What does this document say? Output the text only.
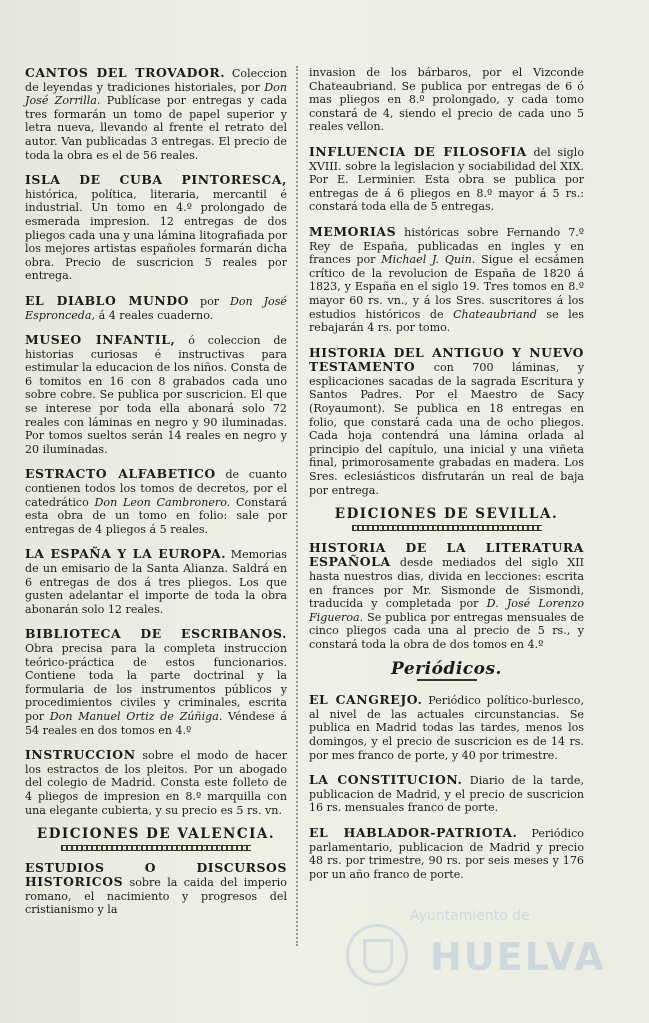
CANTOS DEL TROVADOR. Coleccion de leyendas y tradiciones historiales, por Don José Zorrilla. Publícase por entregas y cada tres formarán un tomo de papel superior y letra nueva, llevando al frente el retrato del autor. Van publicadas 3 entregas. El precio de toda la obra es el de 56 reales.

ISLA DE CUBA PINTORESCA, histórica, política, literaria, mercantil é industrial. Un tomo en 4.º prolongado de esmerada impresion. 12 entregas de dos pliegos cada una y una lámina litografiada por los mejores artistas españoles formarán dicha obra. Precio de suscricion 5 reales por entrega.

EL DIABLO MUNDO por Don José Espronceda, á 4 reales cuaderno.

MUSEO INFANTIL, ó coleccion de historias curiosas é instructivas para estimular la educacion de los niños. Consta de 6 tomitos en 16 con 8 grabados cada uno sobre cobre. Se publica por suscricion. El que se interese por toda ella abonará solo 72 reales con láminas en negro y 90 iluminadas. Por tomos sueltos serán 14 reales en negro y 20 iluminadas.

ESTRACTO ALFABETICO de cuanto contienen todos los tomos de decretos, por el catedrático Don Leon Cambronero. Constará esta obra de un tomo en folio: sale por entregas de 4 pliegos á 5 reales.

LA ESPAÑA Y LA EUROPA. Memorias de un emisario de la Santa Alianza. Saldrá en 6 entregas de dos á tres pliegos. Los que gusten adelantar el importe de toda la obra abonarán solo 12 reales.

BIBLIOTECA DE ESCRIBANOS. Obra precisa para la completa instruccion teórico-práctica de estos funcionarios. Contiene toda la parte doctrinal y la formularia de los instrumentos públicos y procedimientos civiles y criminales, escrita por Don Manuel Ortiz de Zúñiga. Véndese á 54 reales en dos tomos en 4.º

INSTRUCCION sobre el modo de hacer los estractos de los pleitos. Por un abogado del colegio de Madrid. Consta este folleto de 4 pliegos de impresion en 8.º marquilla con una elegante cubierta, y su precio es 5 rs. vn.

EDICIONES DE VALENCIA.

ESTUDIOS O DISCURSOS HISTORICOS sobre la caida del imperio romano, el nacimiento y progresos del cristianismo y la

invasion de los bárbaros, por el Vizconde Chateaubriand. Se publica por entregas de 6 ó mas pliegos en 8.º prolongado, y cada tomo constará de 4, siendo el precio de cada uno 5 reales vellon.

INFLUENCIA DE FILOSOFIA del siglo XVIII. sobre la legislacion y sociabilidad del XIX. Por E. Lerminier. Esta obra se publica por entregas de á 6 pliegos en 8.º mayor á 5 rs.: constará toda ella de 5 entregas.

MEMORIAS históricas sobre Fernando 7.º Rey de España, publicadas en ingles y en frances por Michael J. Quin. Sigue el ecsámen crítico de la revolucion de España de 1820 á 1823, y España en el siglo 19. Tres tomos en 8.º mayor 60 rs. vn., y á los Sres. suscritores á los estudios históricos de Chateaubriand se les rebajarán 4 rs. por tomo.

HISTORIA DEL ANTIGUO Y NUEVO TESTAMENTO con 700 láminas, y esplicaciones sacadas de la sagrada Escritura y Santos Padres. Por el Maestro de Sacy (Royaumont). Se publica en 18 entregas en folio, que constará cada una de ocho pliegos. Cada hoja contendrá una lámina orlada al principio del capítulo, una inicial y una viñeta final, primorosamente grabadas en madera. Los Sres. eclesiásticos disfrutarán un real de baja por entrega.

EDICIONES DE SEVILLA.

HISTORIA DE LA LITERATURA ESPAÑOLA desde mediados del siglo XII hasta nuestros dias, divida en lecciones: escrita en frances por Mr. Sismonde de Sismondi, traducida y completada por D. José Lorenzo Figueroa. Se publica por entregas mensuales de cinco pliegos cada una al precio de 5 rs., y constará toda la obra de dos tomos en 4.º

Periódicos.

EL CANGREJO. Periódico político-burlesco, al nivel de las actuales circunstancias. Se publica en Madrid todas las tardes, menos los domingos, y el precio de suscricion es de 14 rs. por mes franco de porte, y 40 por trimestre.

LA CONSTITUCION. Diario de la tarde, publicacion de Madrid, y el precio de suscricion 16 rs. mensuales franco de porte.

EL HABLADOR-PATRIOTA. Periódico parlamentario, publicacion de Madrid y precio 48 rs. por trimestre, 90 rs. por seis meses y 176 por un año franco de porte.

Ayuntamiento de
HUELVA
